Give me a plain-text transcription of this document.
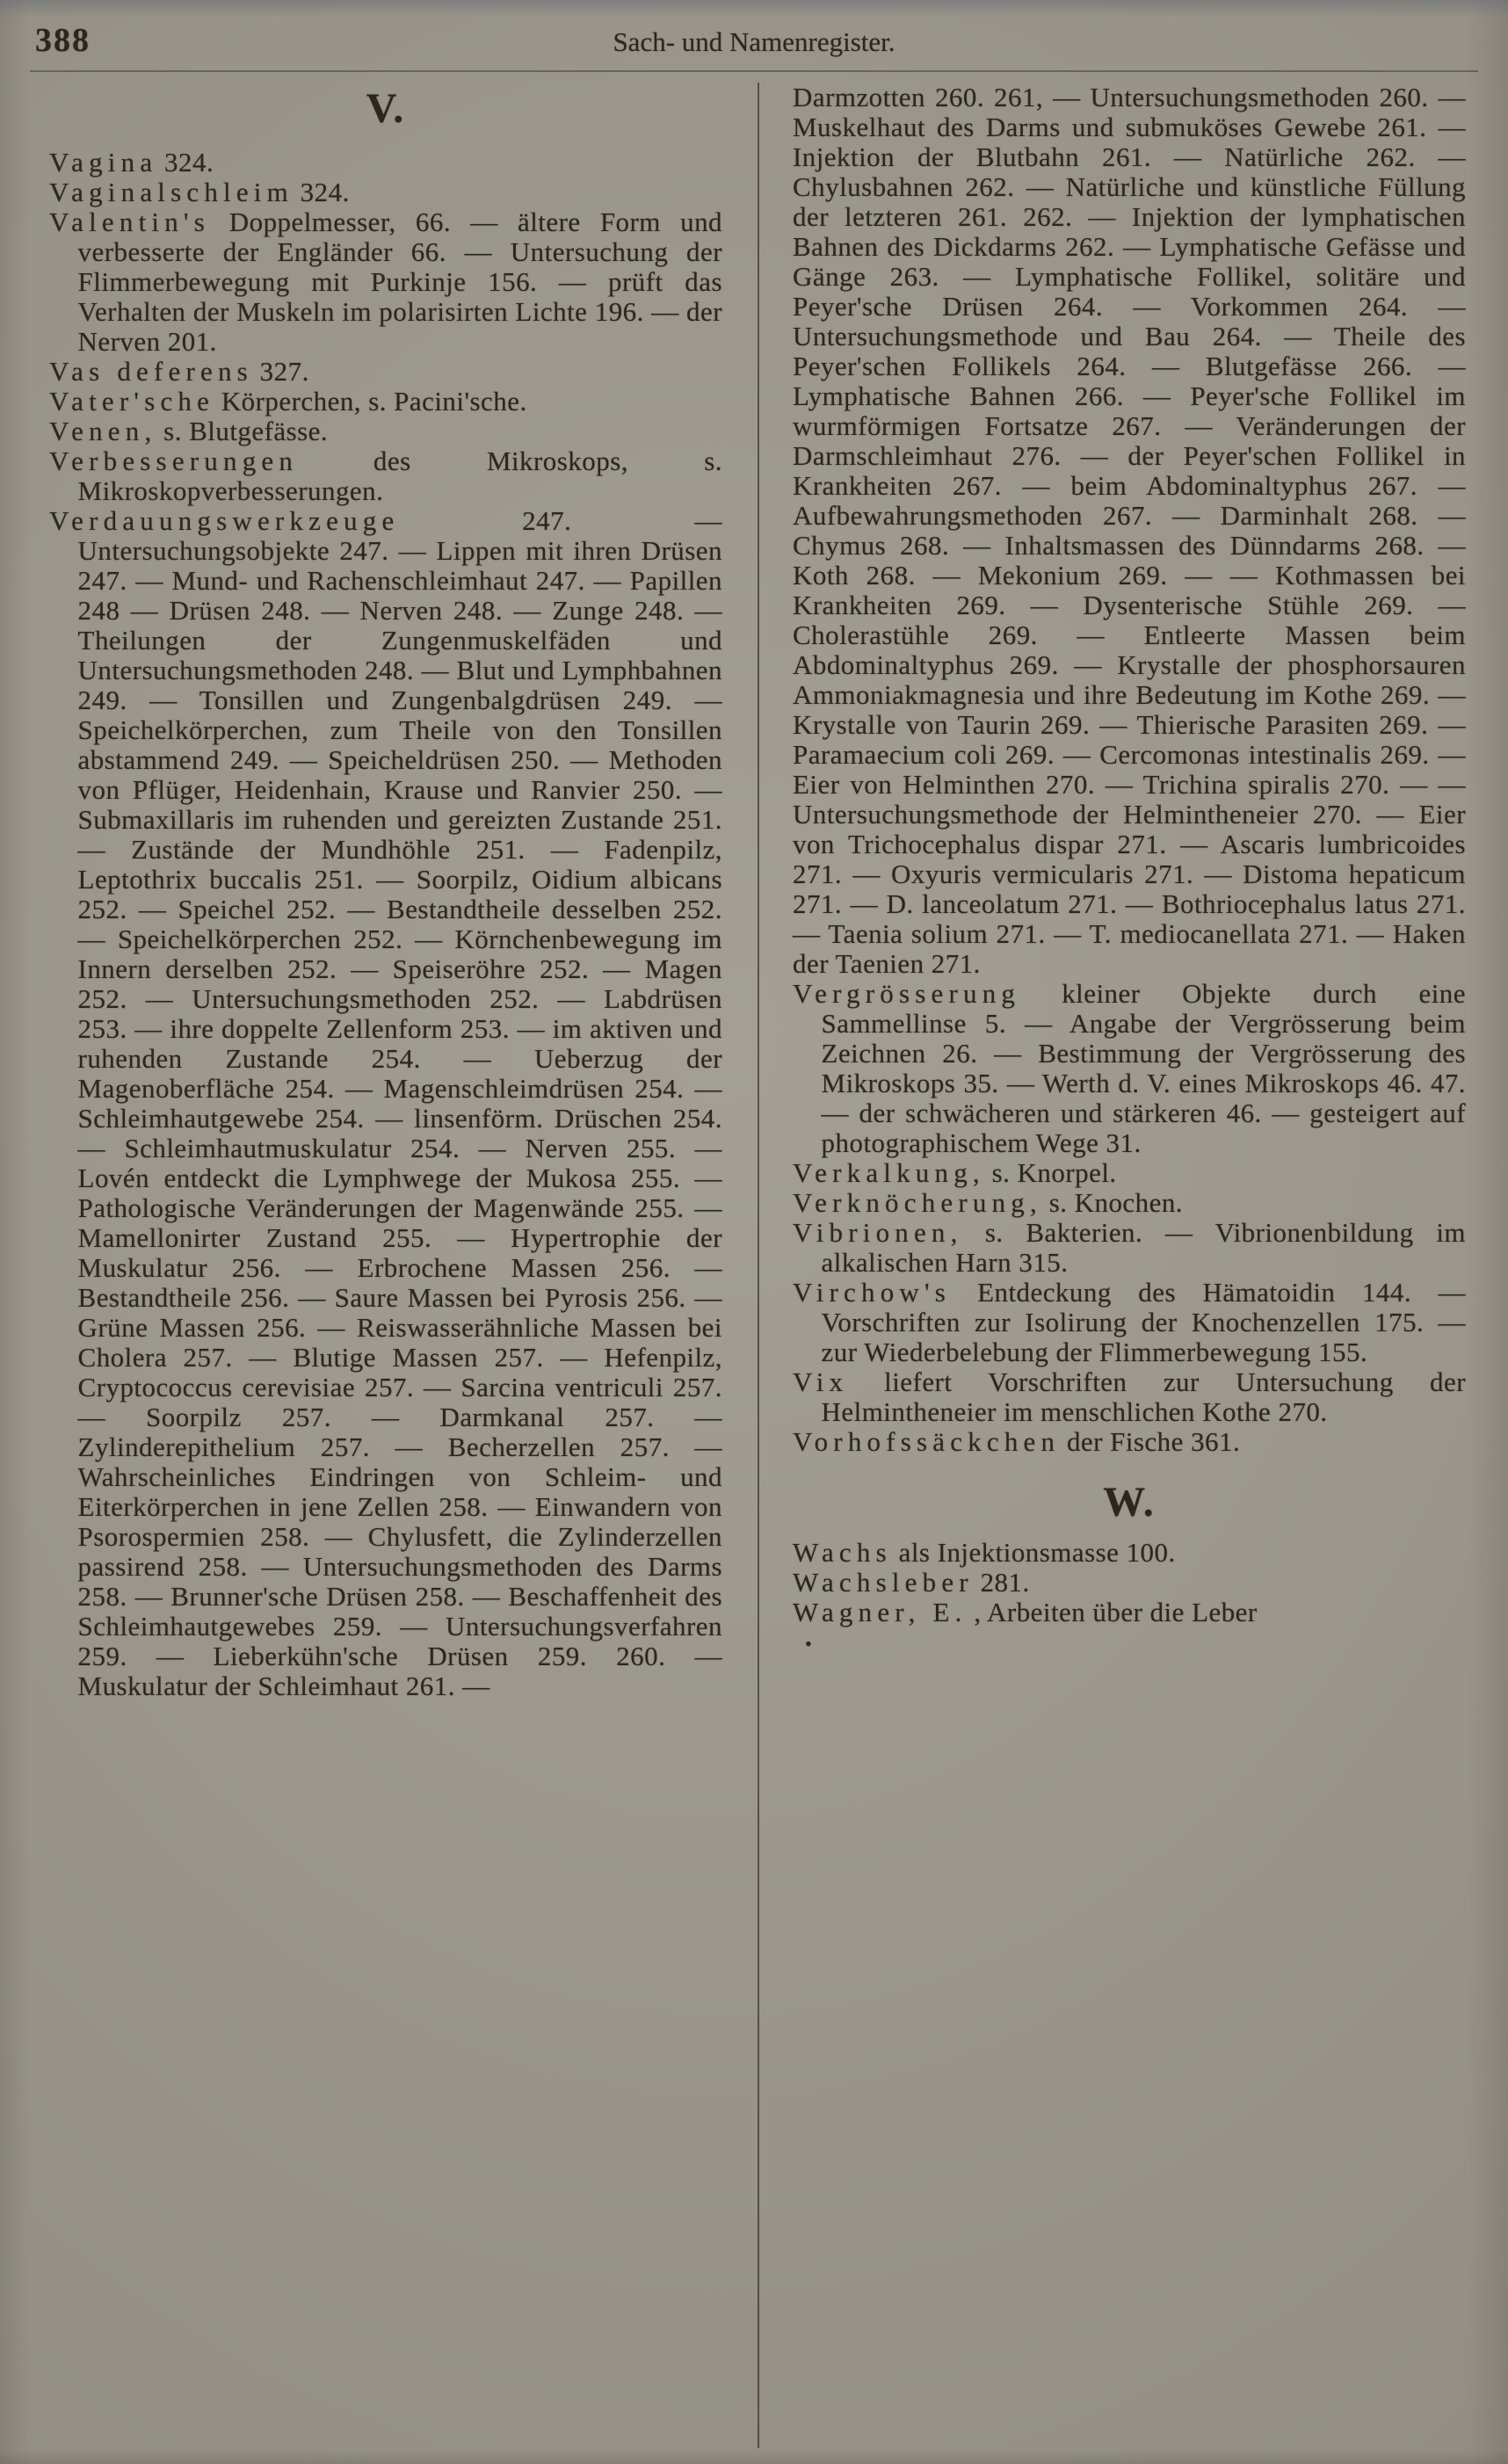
388	Sach- und Namenregister.
V.

Vagina 324.

Vaginalschleim 324.

Valentin's Doppelmesser, 66. — ältere Form und verbesserte der Engländer 66. — Untersuchung der Flimmerbewegung mit Purkinje 156. — prüft das Verhalten der Muskeln im polarisirten Lichte 196. — der Nerven 201.

Vas deferens 327.

Vater'sche Körperchen, s. Pacini'sche.

Venen, s. Blutgefässe.

Verbesserungen	des Mikroskops, s. Mikroskopverbesserungen.

Verdauungswerkzeuge	247. — Untersuchungsobjekte 247. — Lippen mit ihren Drüsen 247. — Mund- und Rachenschleimhaut 247. — Papillen 248 — Drüsen 248. — Nerven 248. — Zunge 248. — Theilungen der Zungenmuskelfäden und Untersuchungsmethoden 248. — Blut und Lymphbahnen 249. — Tonsillen und Zungenbalgdrüsen 249. — Speichelkörperchen, zum Theile von den Tonsillen abstammend 249. — Speicheldrüsen 250. — Methoden von Pflüger, Heidenhain, Krause und Ranvier 250. — Submaxillaris im ruhenden und gereizten Zustande 251. — Zustände der Mundhöhle 251. — Fadenpilz, Leptothrix buccalis 251. — Soorpilz, Oidium albicans 252. — Speichel 252. — Bestandtheile desselben 252. — Speichelkörperchen 252. — Körnchenbewegung im Innern derselben 252. — Speiseröhre 252. — Magen 252. — Untersuchungsmethoden 252. — Labdrüsen 253. — ihre doppelte Zellenform 253. — im aktiven und ruhenden Zustande 254. — Ueberzug der Magenoberfläche 254. — Magenschleimdrüsen 254. — Schleimhautgewebe 254. — linsenförm. Drüschen 254. — Schleimhautmuskulatur 254. — Nerven 255. — Lovén entdeckt die Lymphwege der Mukosa 255. — Pathologische Veränderungen der Magenwände 255. — Mamellonirter Zustand 255. — Hypertrophie der Muskulatur 256. — Erbrochene Massen 256. — Bestandtheile 256. — Saure Massen bei Pyrosis 256. — Grüne Massen 256. — Reiswasserähnliche Massen bei Cholera 257. — Blutige Massen 257. — Hefenpilz, Cryptococcus cerevisiae 257. — Sarcina ventriculi 257. — Soorpilz 257. — Darmkanal 257. — Zylinderepithelium 257. — Becherzellen 257. — Wahrscheinliches Eindringen von Schleim- und Eiterkörperchen in jene Zellen 258. — Einwandern von Psorospermien 258. — Chylusfett, die Zylinderzellen passirend 258. — Untersuchungsmethoden des Darms 258. — Brunner'sche Drüsen 258. — Beschaffenheit des Schleimhautgewebes 259. — Untersuchungsverfahren 259. — Lieberkühn'sche Drüsen 259. 260. — Muskulatur der Schleimhaut 261. —

Darmzotten 260. 261, — Untersuchungsmethoden 260. — Muskelhaut des Darms und submuköses Gewebe 261. — Injektion der Blutbahn 261. — Natürliche 262. — Chylusbahnen 262. — Natürliche und künstliche Füllung der letzteren 261. 262. — Injektion der lymphatischen Bahnen des Dickdarms 262. — Lymphatische Gefässe und Gänge 263. — Lymphatische Follikel, solitäre und Peyer'sche Drüsen 264. — Vorkommen 264. — Untersuchungsmethode und Bau 264. — Theile des Peyer'schen Follikels 264. — Blutgefässe 266. — Lymphatische Bahnen 266. — Peyer'sche Follikel im wurmförmigen Fortsatze 267. — Veränderungen der Darmschleimhaut 276. — der Peyer'schen Follikel in Krankheiten 267. — beim Abdominaltyphus 267. — Aufbewahrungsmethoden 267. — Darminhalt 268. — Chymus 268. — Inhaltsmassen des Dünndarms 268. — Koth 268. — Mekonium 269. — — Kothmassen bei Krankheiten 269. — Dysenterische Stühle 269. — Cholerastühle 269. — Entleerte Massen beim Abdominaltyphus 269. — Krystalle der phosphorsauren Ammoniakmagnesia und ihre Bedeutung im Kothe 269. — Krystalle von Taurin 269. — Thierische Parasiten 269. — Paramaecium coli 269. — Cercomonas intestinalis 269. — Eier von Helminthen 270. — Trichina spiralis 270. — — Untersuchungsmethode der Helmintheneier 270. — Eier von Trichocephalus dispar 271. — Ascaris lumbricoides 271. — Oxyuris vermicularis 271. — Distoma hepaticum 271. — D. lanceolatum 271. — Bothriocephalus latus 271. — Taenia solium 271. — T. mediocanellata 271. — Haken der Taenien 271.

Vergrösserung kleiner Objekte durch eine Sammellinse 5. — Angabe der Vergrösserung beim Zeichnen 26. — Bestimmung der Vergrösserung des Mikroskops 35. — Werth d. V. eines Mikroskops 46. 47. — der schwächeren und stärkeren 46. — gesteigert auf photographischem Wege 31.

Verkalkung, s. Knorpel.

Verknöcherung, s. Knochen.

Vibrionen, s. Bakterien. — Vibrionenbildung im alkalischen Harn 315.

Virchow's Entdeckung des Hämatoidin 144. — Vorschriften zur Isolirung der Knochenzellen 175. — zur Wiederbelebung der Flimmerbewegung 155.

Vix liefert Vorschriften zur Untersuchung der Helmintheneier im menschlichen Kothe 270.

Vorhofssäckchen der Fische 361.

W.

Wachs als Injektionsmasse 100.

Wachsleber 281.

Wagner, E. , Arbeiten über die Leber

•
